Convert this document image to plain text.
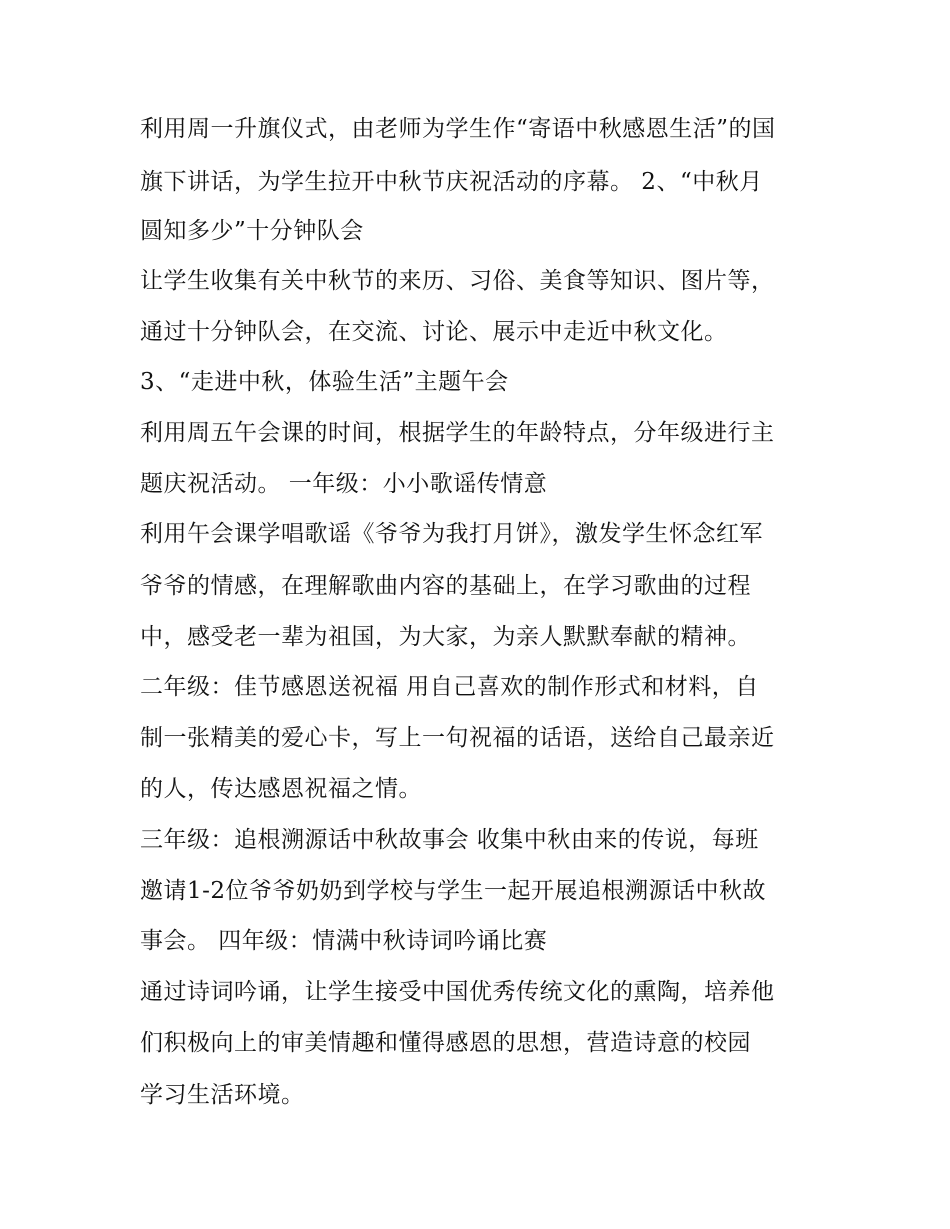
利用周一升旗仪式，由老师为学生作“寄语中秋感恩生活”的国
旗下讲话，为学生拉开中秋节庆祝活动的序幕。 2、“中秋月
圆知多少”十分钟队会
让学生收集有关中秋节的来历、习俗、美食等知识、图片等，
通过十分钟队会，在交流、讨论、展示中走近中秋文化。
3、“走进中秋，体验生活”主题午会
利用周五午会课的时间，根据学生的年龄特点，分年级进行主
题庆祝活动。 一年级：小小歌谣传情意
利用午会课学唱歌谣《爷爷为我打月饼》，激发学生怀念红军
爷爷的情感，在理解歌曲内容的基础上，在学习歌曲的过程
中，感受老一辈为祖国，为大家，为亲人默默奉献的精神。
二年级：佳节感恩送祝福 用自己喜欢的制作形式和材料，自
制一张精美的爱心卡，写上一句祝福的话语，送给自己最亲近
的人，传达感恩祝福之情。
三年级：追根溯源话中秋故事会 收集中秋由来的传说，每班
邀请1-2位爷爷奶奶到学校与学生一起开展追根溯源话中秋故
事会。 四年级：情满中秋诗词吟诵比赛
通过诗词吟诵，让学生接受中国优秀传统文化的熏陶，培养他
们积极向上的审美情趣和懂得感恩的思想，营造诗意的校园
学习生活环境。
